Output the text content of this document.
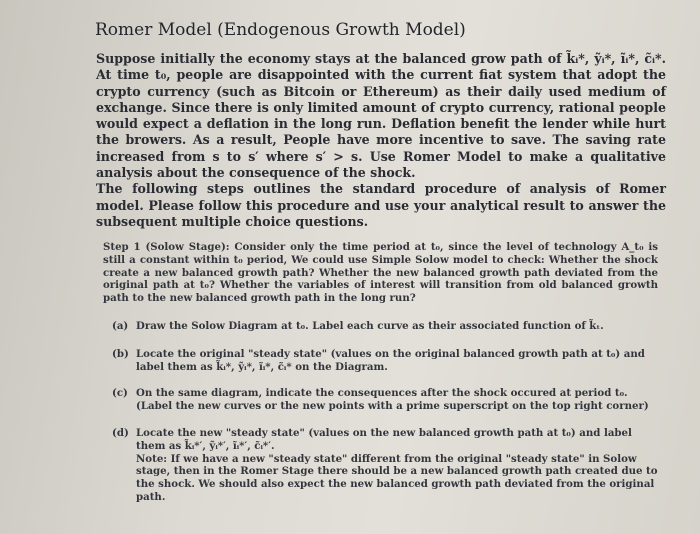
Romer Model (Endogenous Growth Model)

Suppose initially the economy stays at the balanced grow path of k̃ᵢ*, ỹᵢ*, ĩᵢ*, c̃ᵢ*. At time t₀, people are disappointed with the current fiat system that adopt the crypto currency (such as Bitcoin or Ethereum) as their daily used medium of exchange. Since there is only limited amount of crypto currency, rational people would expect a deflation in the long run. Deflation benefit the lender while hurt the browers. As a result, People have more incentive to save. The saving rate increased from s to s′ where s′ > s. Use Romer Model to make a qualitative analysis about the consequence of the shock.

The following steps outlines the standard procedure of analysis of Romer model. Please follow this procedure and use your analytical result to answer the subsequent multiple choice questions.

Step 1 (Solow Stage): Consider only the time period at t₀, since the level of technology A_t₀ is still a constant within t₀ period, We could use Simple Solow model to check: Whether the shock create a new balanced growth path? Whether the new balanced growth path deviated from the original path at t₀? Whether the variables of interest will transition from old balanced growth path to the new balanced growth path in the long run?

(a) Draw the Solow Diagram at t₀. Label each curve as their associated function of k̃ₜ.
(b) Locate the original "steady state" (values on the original balanced growth path at t₀) and label them as k̃ᵢ*, ỹᵢ*, ĩᵢ*, c̃ᵢ* on the Diagram.
(c) On the same diagram, indicate the consequences after the shock occured at period t₀. (Label the new curves or the new points with a prime superscript on the top right corner)
(d) Locate the new "steady state" (values on the new balanced growth path at t₀) and label them as k̃ᵢ*′, ỹᵢ*′, ĩᵢ*′, c̃ᵢ*′.
Note: If we have a new "steady state" different from the original "steady state" in Solow stage, then in the Romer Stage there should be a new balanced growth path created due to the shock. We should also expect the new balanced growth path deviated from the original path.
